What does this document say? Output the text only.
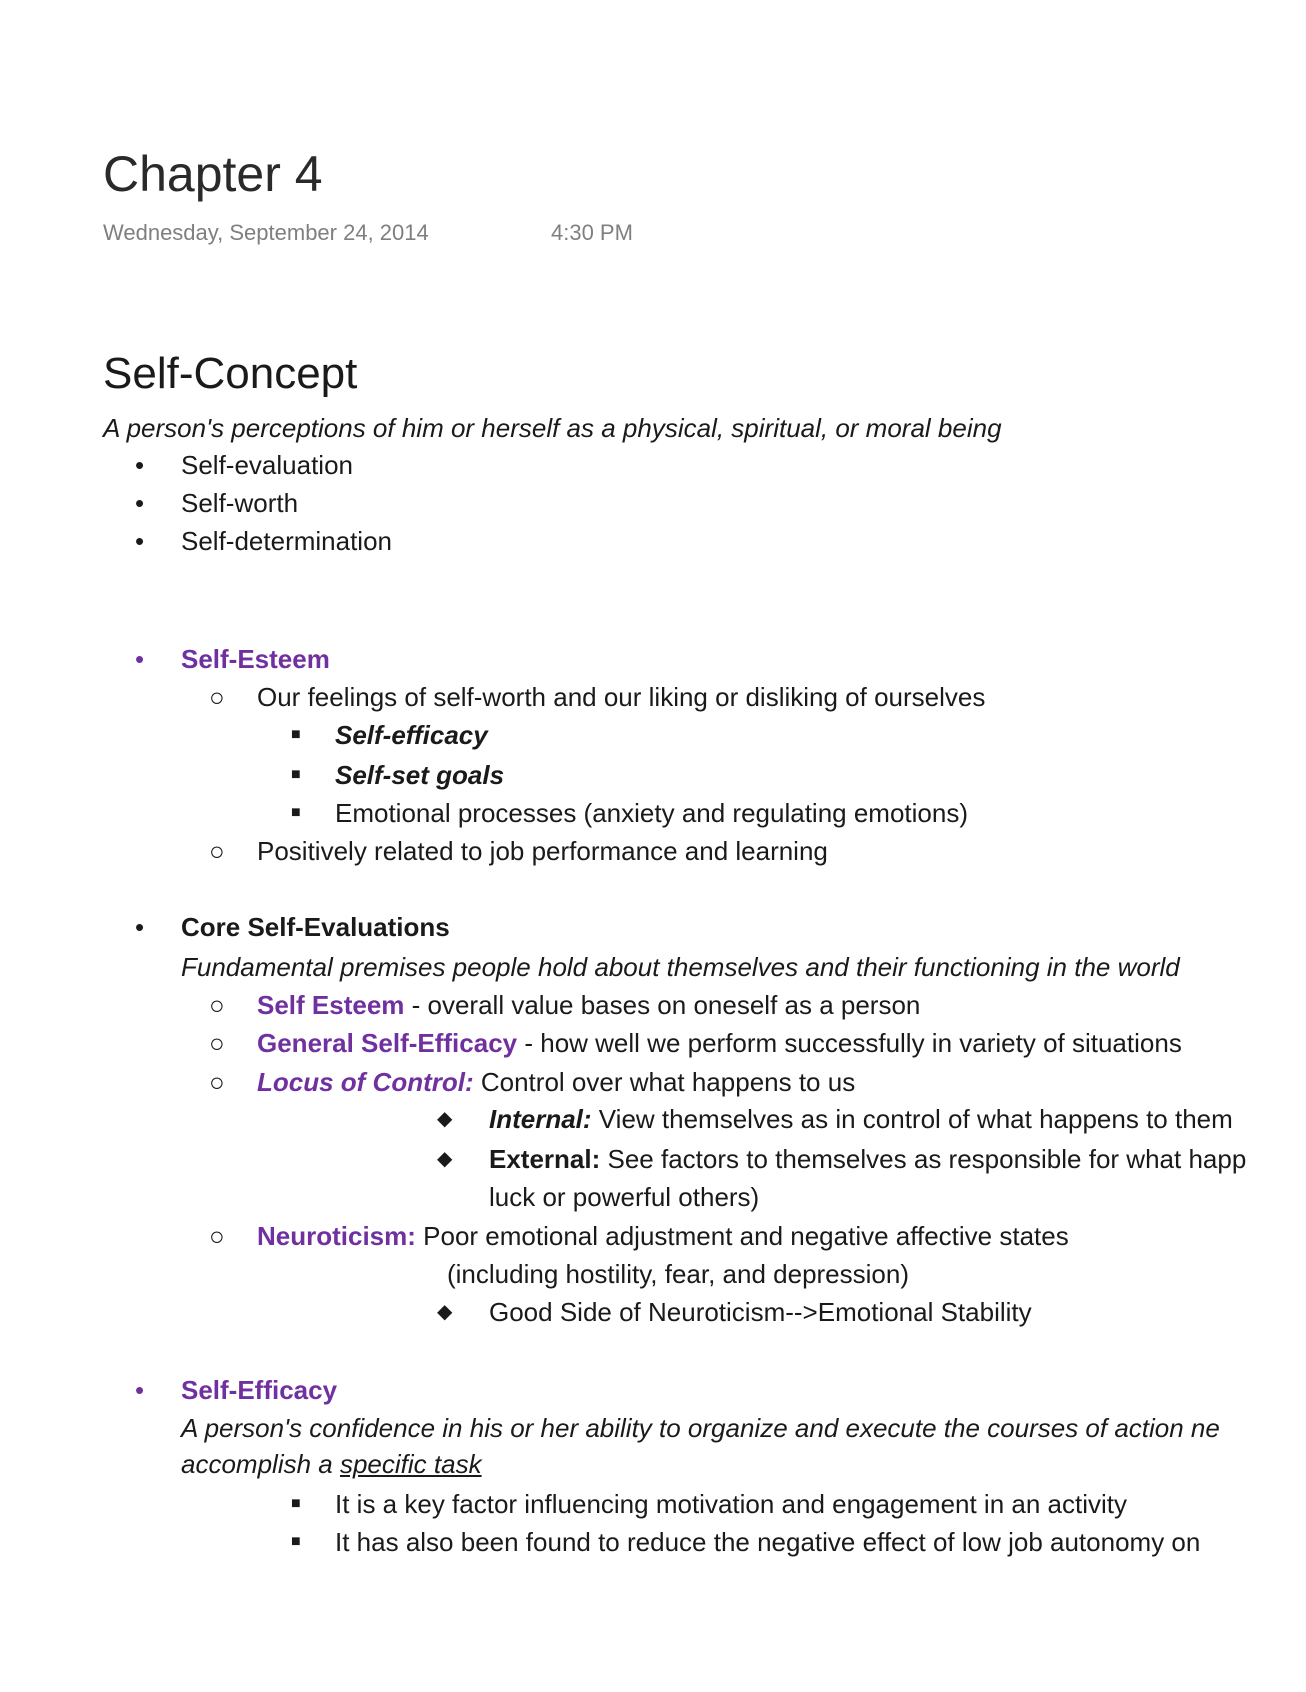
Chapter 4
Wednesday, September 24, 2014	4:30 PM
Self-Concept
A person's perceptions of him or herself as a physical, spiritual, or moral being
• Self-evaluation
• Self-worth
• Self-determination
• Self-Esteem
○ Our feelings of self-worth and our liking or disliking of ourselves
■ Self-efficacy
■ Self-set goals
■ Emotional processes (anxiety and regulating emotions)
○ Positively related to job performance and learning
• Core Self-Evaluations
Fundamental premises people hold about themselves and their functioning in the world
○ Self Esteem - overall value bases on oneself as a person
○ General Self-Efficacy - how well we perform successfully in variety of situations
○ Locus of Control: Control over what happens to us
◆ Internal: View themselves as in control of what happens to them
◆ External: See factors to themselves as responsible for what happ
luck or powerful others)
○ Neuroticism: Poor emotional adjustment and negative affective states
(including hostility, fear, and depression)
◆ Good Side of Neuroticism-->Emotional Stability
• Self-Efficacy
A person's confidence in his or her ability to organize and execute the courses of action ne
accomplish a specific task
■ It is a key factor influencing motivation and engagement in an activity
■ It has also been found to reduce the negative effect of low job autonomy on
